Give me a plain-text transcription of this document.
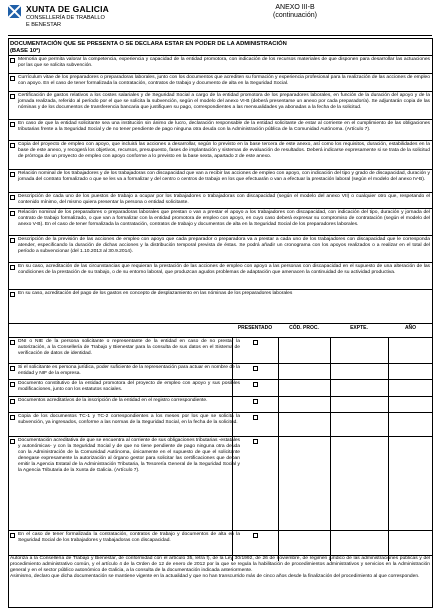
XUNTA DE GALICIA
CONSELLERÍA DE TRABALLO
E BENESTAR
ANEXO III-B
(continuación)
DOCUMENTACIÓN QUE SE PRESENTA O SE DECLARA ESTAR EN PODER DE LA ADMINISTRACIÓN
(BASE 10ª)
Memoria que permita valorar la competencia, experiencia y capacidad de la entidad promotora, con indicación de los recursos materiales de que disponen para desarrollar las actuaciones por las que se solicita subvención.
Currículum vitae de los preparadores o preparadoras laborales, junto con los documentos que acrediten su formación y experiencia profesional para la realización de las acciones de empleo con apoyo. En el caso de tener formalizada la contratación, contratos de trabajo y documento de alta en la Seguridad Social.
Certificación de gastos relativos a los costes salariales y de Seguridad Social a cargo de la entidad promotora de los preparadores laborales, en función de la duración del apoyo y de la jornada realizada, referido al período por el que se solicita la subvención, según el modelo del anexo VI-B (deberá presentarse un anexo por cada preparador/a). Se adjuntarán copia de las nóminas y de los documentos de transferencia bancaria que justifiquen su pago, correspondientes a las mensualidades ya abonadas a la fecha de la solicitud.
En caso de que la entidad solicitante sea una institución sin ánimo de lucro, declaración responsable de la entidad solicitante de estar al corriente en el cumplimiento de las obligaciones tributarias frente a la Seguridad Social y de no tener pendiente de pago ninguna otra deuda con la Administración pública de la Comunidad Autónoma. (Artículo 7).
Copia del proyecto de empleo con apoyo, que incluirá las acciones a desarrollar, según lo previsto en la base tercera de este anexo, así como los requisitos, duración, estabilidades en la base de este anexo, y recogerá los objetivos, recursos, presupuesto, fases de implantación y sistemas de evaluación de resultados. Deberá indicarse expresamente si se trata de la solicitud de prórroga de un proyecto de empleo con apoyo conforme a lo previsto en la base sexta, apartado 2 de este anexo.
Relación nominal de los trabajadores y de los trabajadoras con discapacidad que van a recibir las acciones de empleo con apoyo, con indicación del tipo y grado de discapacidad, duración y jornada del contrato formalizado o que se les va a formalizar y del centro o centros de trabajo en los que efectuarán o van a efectuar la prestación laboral (según el modelo del anexo IV-B).
Descripción de cada uno de los puestos de trabajo a ocupar por los trabajadores o trabajadoras con discapacidad (según el modelo del anexo VII) o cualquier otro que, respetando el contenido mínimo, del mismo quiera presentar la persona o entidad solicitante.
Relación nominal de los preparadores o preparadoras laborales que prestan o van a prestar el apoyo a los trabajadores con discapacidad, con indicación del tipo, duración y jornada del contrato de trabajo formalizado, o que van a formalizar con la entidad promotora de empleo con apoyo, en cuyo caso deberá expresar su compromiso de contratación (según el modelo del anexo V-B). En el caso de tener formalizada la contratación, contratos de trabajo y documentos de alta en la Seguridad Social de los preparadores laborales.
Descripción de la previsión de las acciones de empleo con apoyo que cada preparador o preparadora va a prestar a cada uno de los trabajadores con discapacidad que le corresponda atender, especificando la duración de dichas acciones y la distribución temporal prevista de éstas. Se podrá añadir un cronograma con los apoyos realizados o a realizar en el total del período a subvencionar (del 1.10.2013 al 30.9.2014).
En su caso, acreditación de las circunstancias que requieran la prestación de las acciones de empleo con apoyo a las personas con discapacidad en el supuesto de una alteración de las condiciones de la prestación de su trabajo, o de su entorno laboral, que produzcan agudos problemas de adaptación que amenacen la continuidad de su actividad productiva.
En su caso, acreditación del pago de los gastos en concepto de desplazamiento en las nóminas de los preparadores laborales
PRESENTADO	CÓD. PROC.	EXPTE.	AÑO
DNI o NIE de la persona solicitante o representante de la entidad en caso de no prestar la autorización, a la Consellería de Trabajo y Bienestar para la consulta de sus datos en el Sistema de verificación de datos de identidad.
Si el solicitante es persona jurídica, poder suficiente de la representación para actuar en nombre de la entidad y NIF de la empresa.
Documento constitutivo de la entidad promotora del proyecto de empleo con apoyo y sus posibles modificaciones, junto con los estatutos sociales.
Documentos acreditativos de la inscripción de la entidad en el registro correspondiente.
Copia de los documentos TC-1 y TC-2 correspondientes a los meses por los que se solicita la subvención, ya ingresados, conforme a las normas de la Seguridad Social, en la fecha de la solicitud.
Documentación acreditativa de que se encuentra al corriente de sus obligaciones tributarias -estatales y autonómicas- y con la Seguridad Social y de que no tiene pendiente de pago ninguna otra deuda con la Administración de la Comunidad Autónoma, únicamente en el supuesto de que el solicitante denegase expresamente la autorización al órgano gestor para solicitar las certificaciones que deban emitir la Agencia Estatal de la Administración Tributaria, la Tesorería General de la Seguridad Social y la Agencia Tributaria de la Xunta de Galicia. (Artículo 7).
En el caso de tener formalizada la contratación, contratos de trabajo y documentos de alta en la Seguridad Social de los trabajadores y trabajadoras con discapacidad.
Autoriza a la Consellería de Trabajo y Bienestar, de conformidad con el artículo 35, letra f), de la Ley 30/1992, de 26 de noviembre, de régimen jurídico de las administraciones públicas y del procedimiento administrativo común, y el artículo 4 de la Orden de 12 de enero de 2012 por la que se regula la habilitación de procedimientos administrativos y servicios en la Administración general y en el sector público autonómico de Galicia, a la consulta de la documentación indicada anteriormente.
Asimismo, declaro que dicha documentación se mantiene vigente en la actualidad y que no han transcurrido más de cinco años desde la finalización del procedimiento al que corresponden.
